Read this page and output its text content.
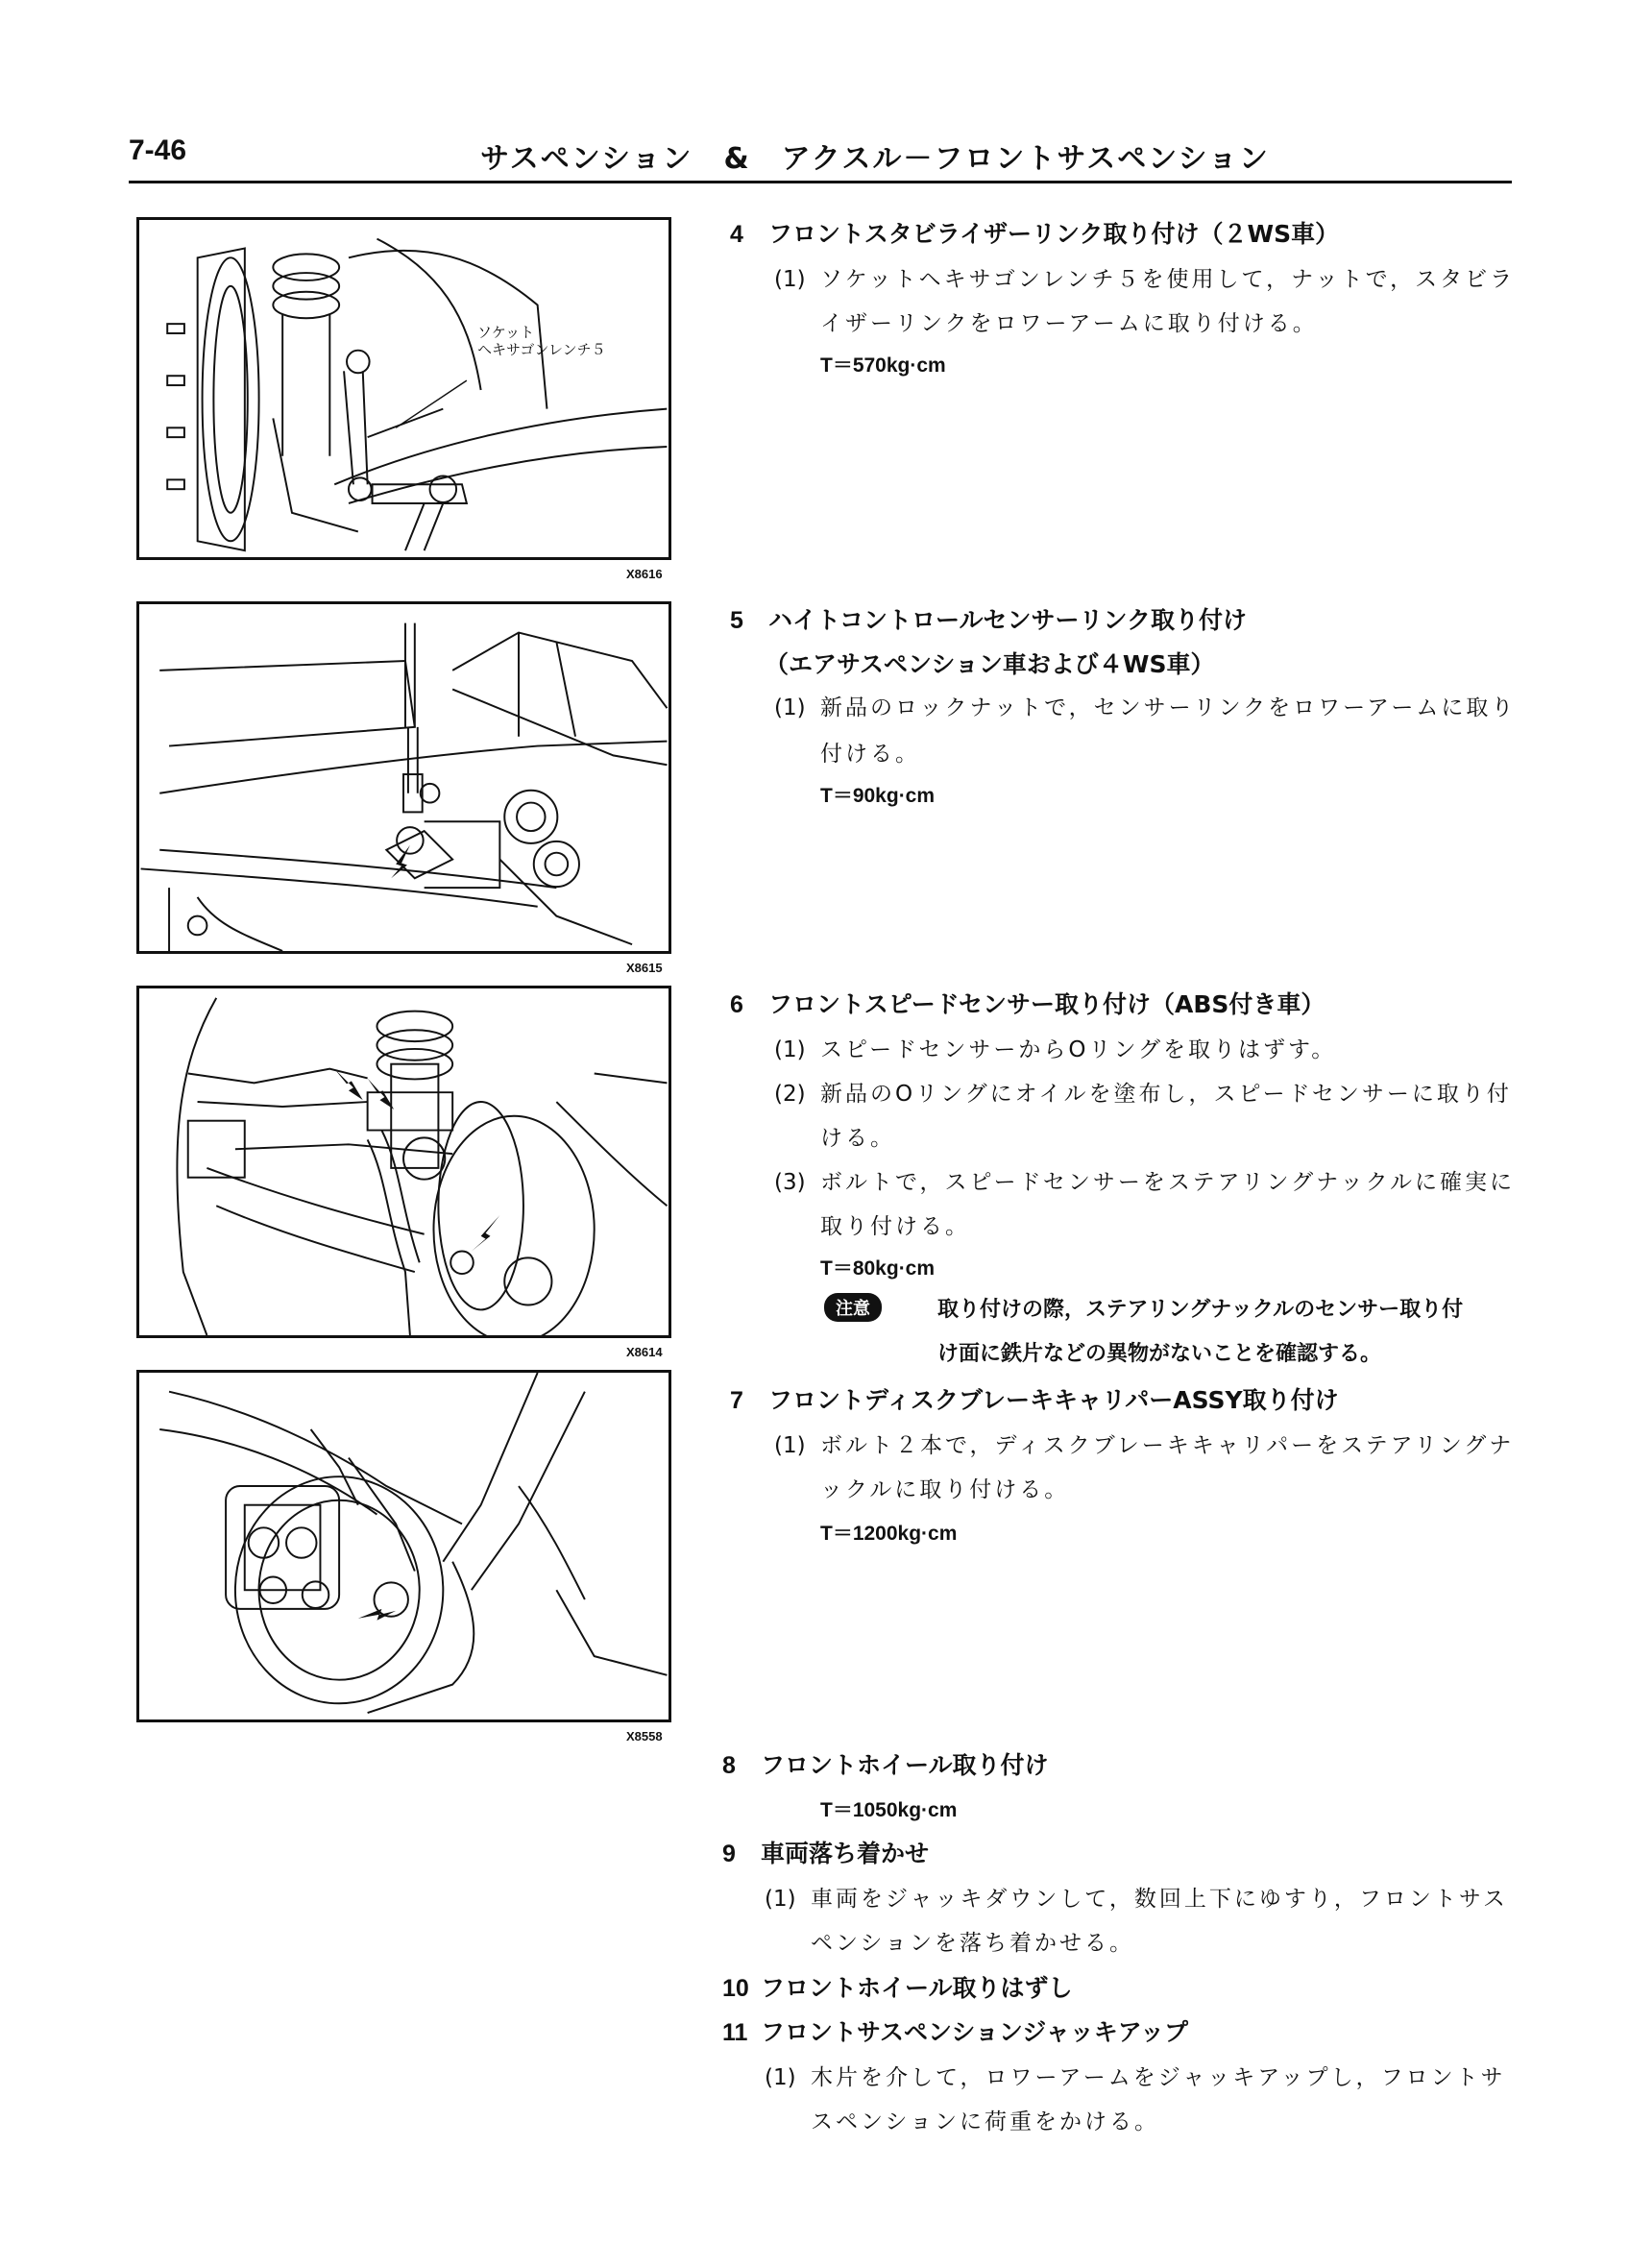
7-46	サスペンション　&　アクスル－フロントサスペンション
ソケット
ヘキサゴンレンチ５
X8616
X8615
X8614
X8558
4 フロントスタビライザーリンク取り付け（２WS車）
(1) ソケットヘキサゴンレンチ５を使用して，ナットで，スタビラ
イザーリンクをロワーアームに取り付ける。
T＝570kg·cm
5 ハイトコントロールセンサーリンク取り付け
（エアサスペンション車および４WS車）
(1) 新品のロックナットで，センサーリンクをロワーアームに取り
付ける。
T＝90kg·cm
6 フロントスピードセンサー取り付け（ABS付き車）
(1) スピードセンサーからOリングを取りはずす。
(2) 新品のOリングにオイルを塗布し，スピードセンサーに取り付
ける。
(3) ボルトで，スピードセンサーをステアリングナックルに確実に
取り付ける。
T＝80kg·cm
注意	取り付けの際，ステアリングナックルのセンサー取り付
け面に鉄片などの異物がないことを確認する。
7 フロントディスクブレーキキャリパーASSY取り付け
(1) ボルト２本で，ディスクブレーキキャリパーをステアリングナ
ックルに取り付ける。
T＝1200kg·cm
8 フロントホイール取り付け
T＝1050kg·cm
9 車両落ち着かせ
(1) 車両をジャッキダウンして，数回上下にゆすり，フロントサス
ペンションを落ち着かせる。
10 フロントホイール取りはずし
11 フロントサスペンションジャッキアップ
(1) 木片を介して，ロワーアームをジャッキアップし，フロントサ
スペンションに荷重をかける。
